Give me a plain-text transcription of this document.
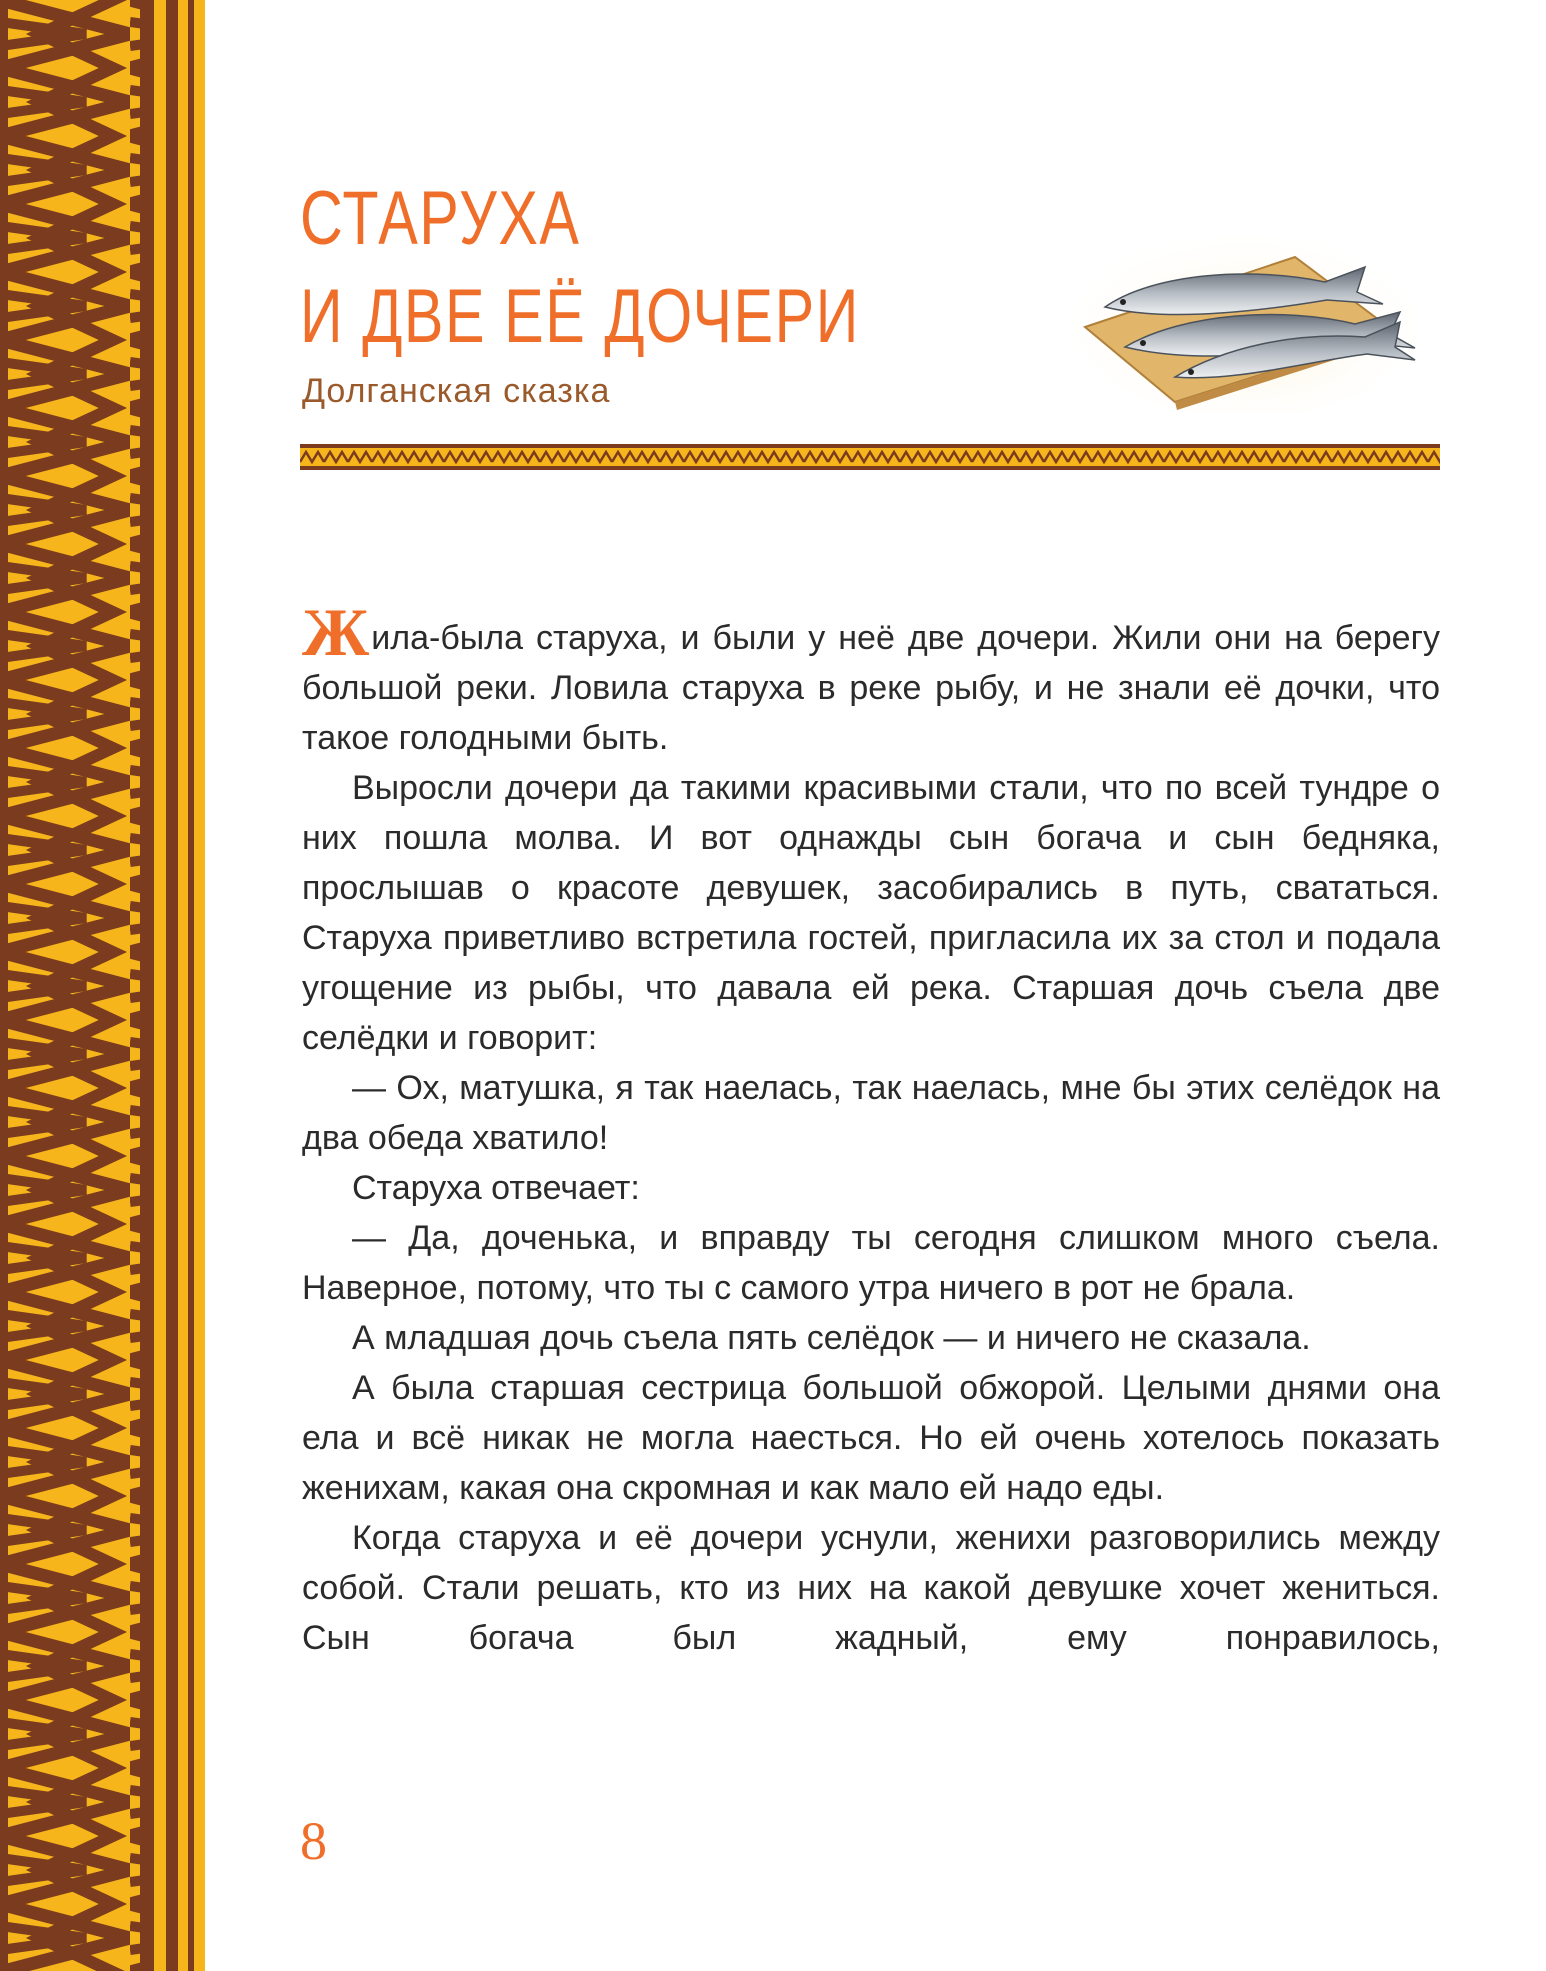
СТАРУХА
И ДВЕ ЕЁ ДОЧЕРИ
Долганская сказка

Жила-была старуха, и были у неё две дочери. Жили они на берегу большой реки. Ловила старуха в реке рыбу, и не знали её дочки, что такое голодными быть.

Выросли дочери да такими красивыми стали, что по всей тундре о них пошла молва. И вот однажды сын богача и сын бедняка, прослышав о красоте девушек, засобирались в путь, свататься. Старуха приветливо встретила гостей, пригласила их за стол и подала угощение из рыбы, что давала ей река. Старшая дочь съела две селёдки и говорит:

— Ох, матушка, я так наелась, так наелась, мне бы этих селёдок на два обеда хватило!

Старуха отвечает:

— Да, доченька, и вправду ты сегодня слишком много съела. Наверное, потому, что ты с самого утра ничего в рот не брала.

А младшая дочь съела пять селёдок — и ничего не сказала.

А была старшая сестрица большой обжорой. Целыми днями она ела и всё никак не могла наесться. Но ей очень хотелось показать женихам, какая она скромная и как мало ей надо еды.

Когда старуха и её дочери уснули, женихи разговорились между собой. Стали решать, кто из них на какой девушке хочет жениться. Сын богача был жадный, ему понравилось,

8
